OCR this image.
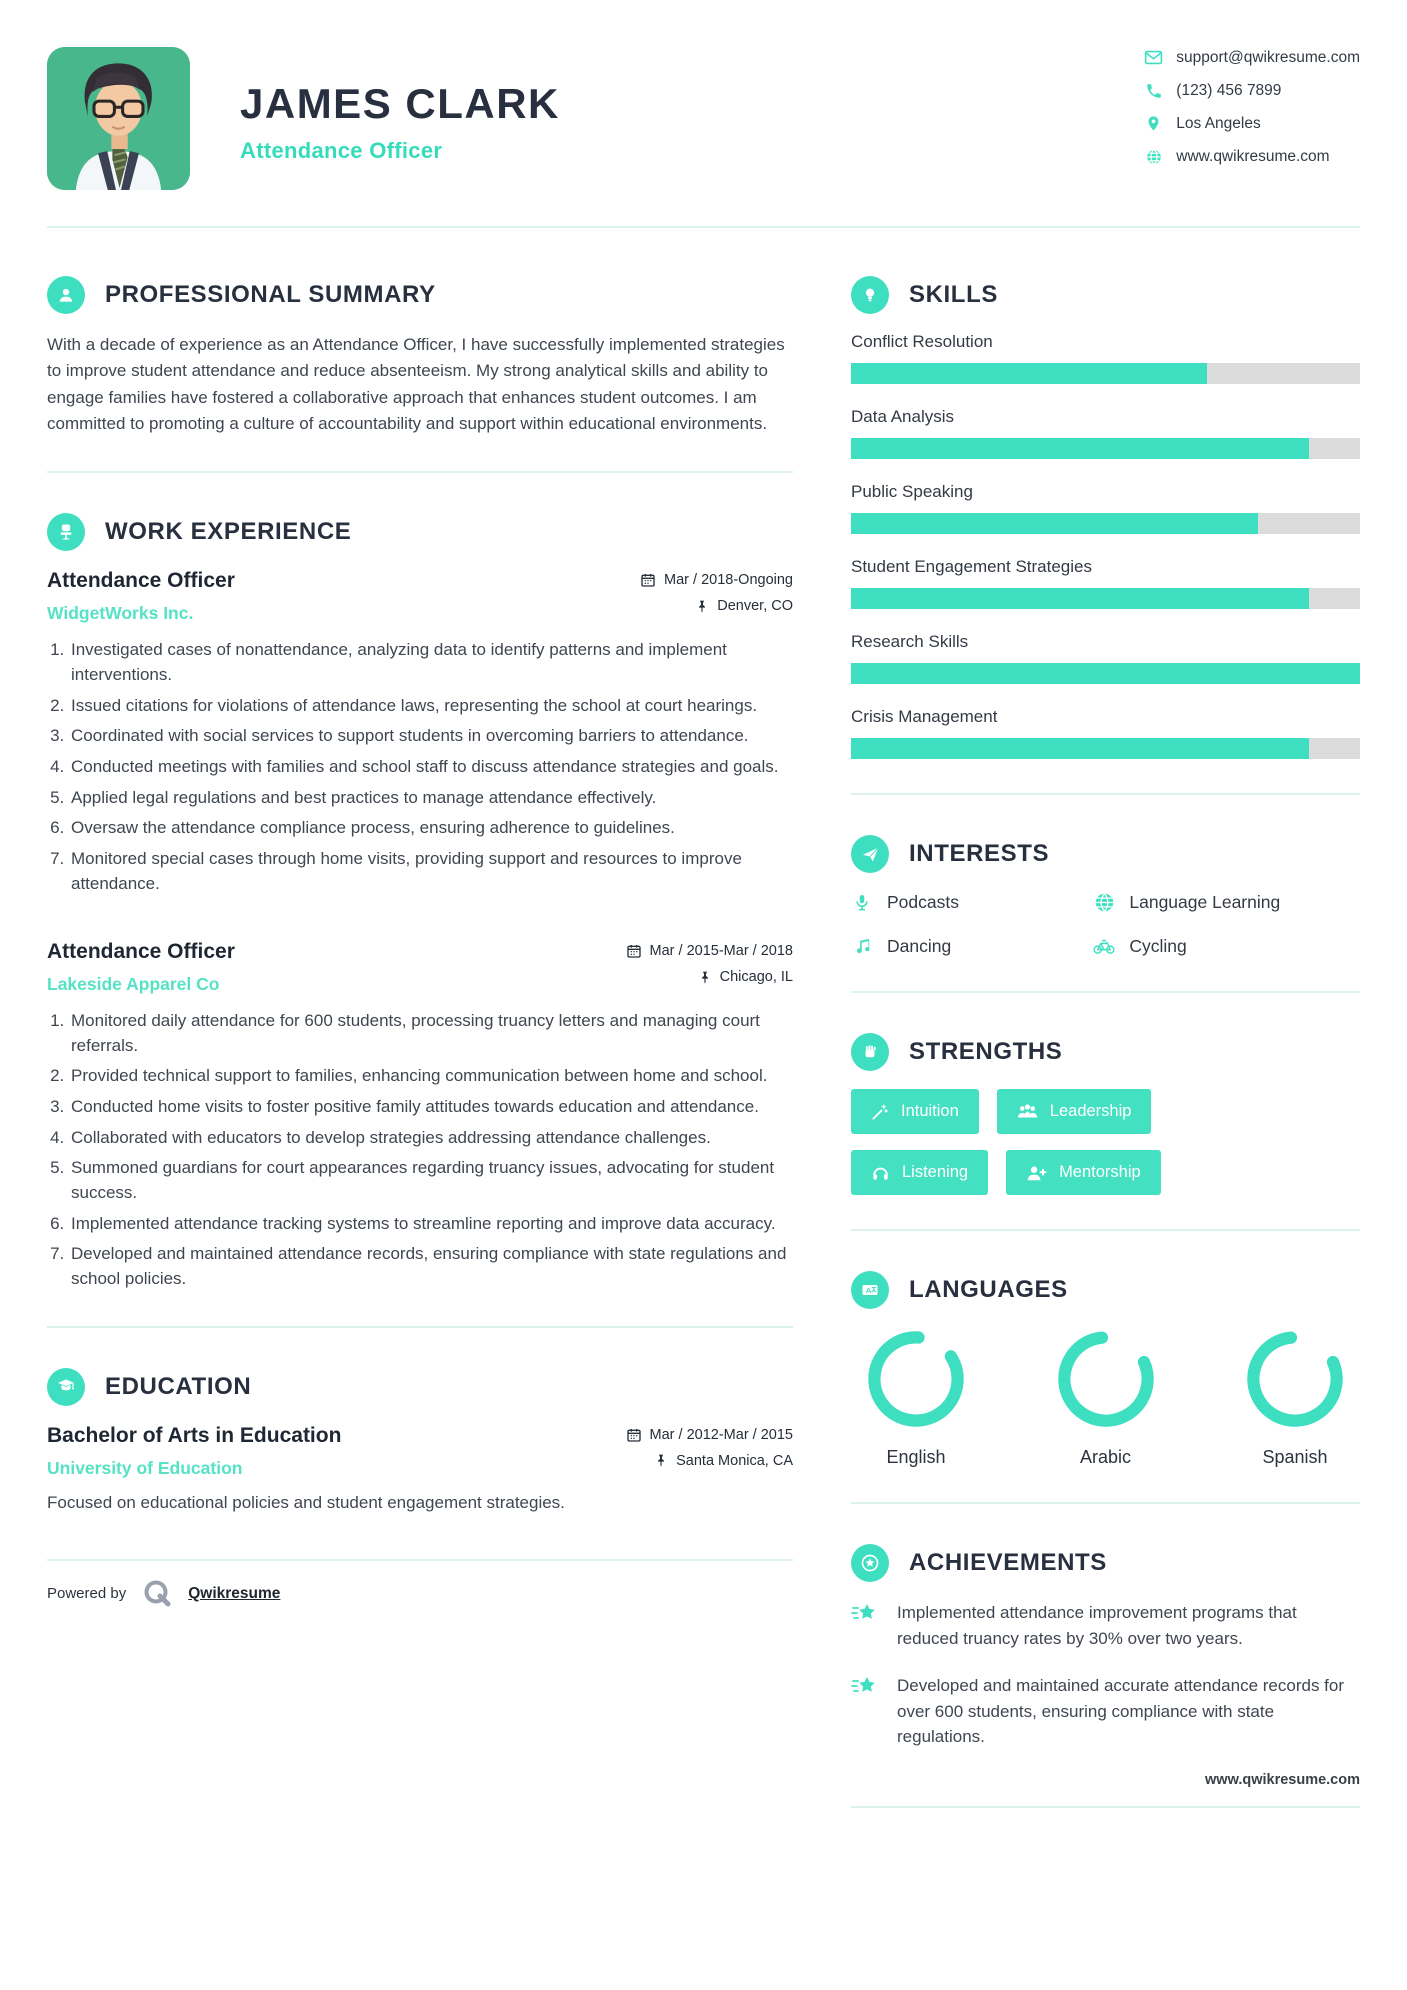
JAMES CLARK
Attendance Officer
support@qwikresume.com
(123) 456 7899
Los Angeles
www.qwikresume.com
PROFESSIONAL SUMMARY

With a decade of experience as an Attendance Officer, I have successfully implemented strategies to improve student attendance and reduce absenteeism. My strong analytical skills and ability to engage families have fostered a collaborative approach that enhances student outcomes. I am committed to promoting a culture of accountability and support within educational environments.

WORK EXPERIENCE
Attendance Officer
WidgetWorks Inc.
Mar / 2018-Ongoing
Denver, CO
1. Investigated cases of nonattendance, analyzing data to identify patterns and implement interventions.
2. Issued citations for violations of attendance laws, representing the school at court hearings.
3. Coordinated with social services to support students in overcoming barriers to attendance.
4. Conducted meetings with families and school staff to discuss attendance strategies and goals.
5. Applied legal regulations and best practices to manage attendance effectively.
6. Oversaw the attendance compliance process, ensuring adherence to guidelines.
7. Monitored special cases through home visits, providing support and resources to improve attendance.
Attendance Officer
Lakeside Apparel Co
Mar / 2015-Mar / 2018
Chicago, IL
1. Monitored daily attendance for 600 students, processing truancy letters and managing court referrals.
2. Provided technical support to families, enhancing communication between home and school.
3. Conducted home visits to foster positive family attitudes towards education and attendance.
4. Collaborated with educators to develop strategies addressing attendance challenges.
5. Summoned guardians for court appearances regarding truancy issues, advocating for student success.
6. Implemented attendance tracking systems to streamline reporting and improve data accuracy.
7. Developed and maintained attendance records, ensuring compliance with state regulations and school policies.
EDUCATION
Bachelor of Arts in Education
University of Education
Mar / 2012-Mar / 2015
Santa Monica, CA

Focused on educational policies and student engagement strategies.

Powered by	Qwikresume
SKILLS
Conflict Resolution
Data Analysis
Public Speaking
Student Engagement Strategies
Research Skills
Crisis Management
INTERESTS
Podcasts	Language Learning
Dancing	Cycling
STRENGTHS
Intuition	Leadership
Listening	Mentorship
A LANGUAGES
English	Arabic	Spanish
ACHIEVEMENTS
Implemented attendance improvement programs that reduced truancy rates by 30% over two years.
Developed and maintained accurate attendance records for over 600 students, ensuring compliance with state regulations.
www.qwikresume.com
